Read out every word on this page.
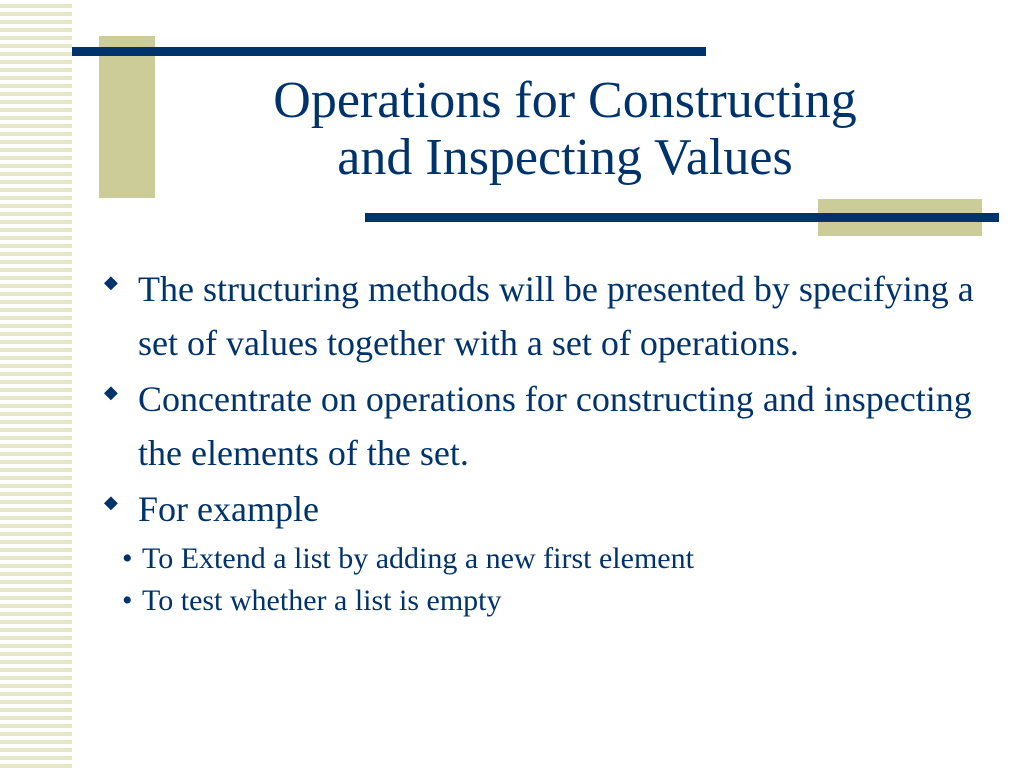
Operations for Constructing
and Inspecting Values
◆ The structuring methods will be presented by specifying a set of values together with a set of operations.
◆ Concentrate on operations for constructing and inspecting the elements of the set.
◆ For example
• To Extend a list by adding a new first element
• To test whether a list is empty
